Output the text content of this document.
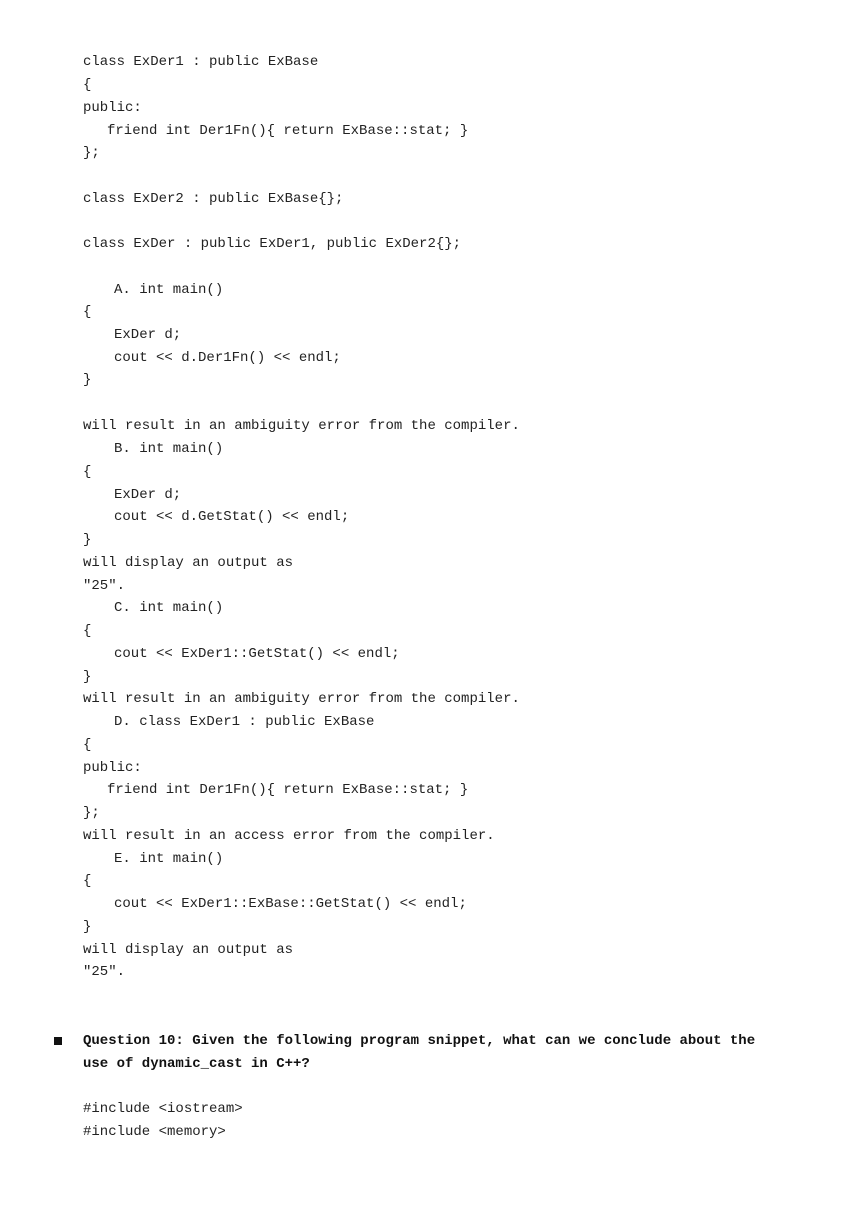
class ExDer1 : public ExBase
{
public:
friend int Der1Fn(){ return ExBase::stat; }
};
class ExDer2 : public ExBase{};
class ExDer : public ExDer1, public ExDer2{};
A. int main()
{
ExDer d;
cout << d.Der1Fn() << endl;
}
will result in an ambiguity error from the compiler.
B. int main()
{
ExDer d;
cout << d.GetStat() << endl;
}
will display an output as
"25".
C. int main()
{
cout << ExDer1::GetStat() << endl;
}
will result in an ambiguity error from the compiler.
D. class ExDer1 : public ExBase
{
public:
friend int Der1Fn(){ return ExBase::stat; }
};
will result in an access error from the compiler.
E. int main()
{
cout << ExDer1::ExBase::GetStat() << endl;
}
will display an output as
"25".
Question 10: Given the following program snippet, what can we conclude about the
use of dynamic_cast in C++?
#include <iostream>
#include <memory>
